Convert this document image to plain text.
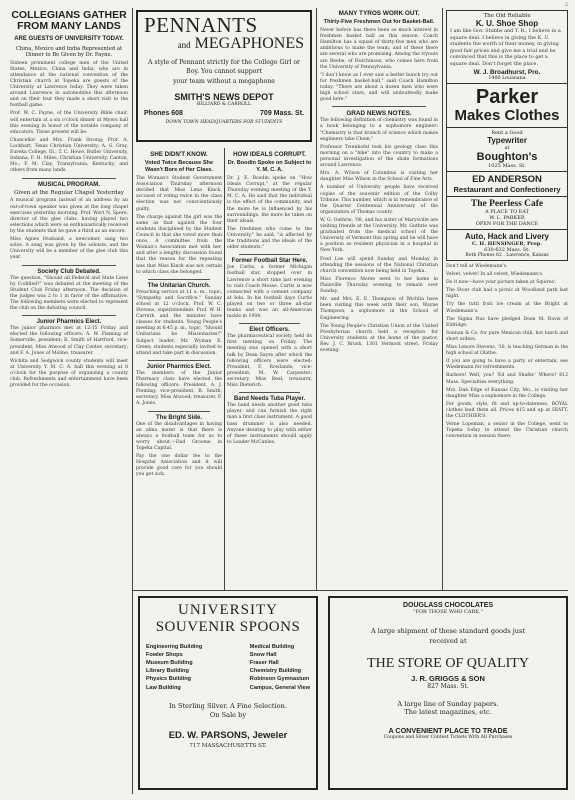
COLLEGIANS GATHER FROM MANY LANDS
ARE GUESTS OF UNIVERSITY TODAY.
China, Mexico and India Represented at Dinner to Be Given by Dr. Payne.

Sixteen prominent college men of the United States, Mexico, China and India, who are in attendance at the national convention of the Christian church at Topeka are guests of the University at Lawrence today. They were taken around Lawrence in automobiles this afternoon and on their tour they made a short visit to the football game.

Prof. W. C. Payne, of the University Bible chair, will entertain at a six o'clock dinner at Myers hall this evening in honor of the notable company of educators. Those present will be:

Chancellor and Mrs. Frank Strong; Prof. A. Lockhart, Texas Christian University; A. G. Gray, Eureka College, Ill.; T. C. Howe, Butler University, Indiana; F. H. Miles, Christian University, Canton, Mo.; F. M. Clay, Transylvania, Kentucky; and others from many lands.

MUSICAL PROGRAM.
Given at the Regular Chapel Yesterday

A musical program instead of an address by an out-of-town speaker was given at the long chapel exercises yesterday morning. Prof. Wort N. Spore, director of the glee clubs, having played two selections which were so enthusiastically received by the students that he gave a third as an encore.

Miss Agnes Husband, a newcomer, sang two solos. A song was given by the soloists, and the University will be a member of the glee club this year.

Society Club Debated.

The question, "Should all Federal and State Laws by Codified?" was debated at the meeting of the Student Club Friday afternoon. The decision of the judges was 2 to 1 in favor of the affirmative. The following members were elected to represent the club on the debating council.

Junior Pharmics Elect.

The junior pharmics met at 12:15 Friday and elected the following officers: A. W. Fleming of Somerville, president; R. Smith of Hartford, vice-president; Miss Atwood of Clay Center, secretary; and F. A. Jones of Moline, treasurer.

Wichita and Sedgwick county students will meet at University Y. M. C. A. hall this evening at 8 o'clock for the purpose of organizing a county club. Refreshments and entertainment have been provided for the occasion.

PENNANTS
and MEGAPHONES
A style of Pennant strictly for the College Girl or Boy. You cannot support
your team without a megaphone
SMITH'S NEWS DEPOT
BILLIARD & CARROLL
Phones 608	709 Mass. St.
DOWN TOWN HEADQUARTERS FOR STUDENTS
SHE DIDN'T KNOW.
Voted Twice Because She Wasn't Bore of Her Class.

The Woman's Student Government Association Thursday afternoon decided that Miss Lena Kinck, accused of voting twice in the class election was not conscientiously guilty.

The charge against the girl was the same as that against the four students disciplined by the Student Council in that she voted more than once. A committee from the Woman's Association met with her, and after a lengthy discussion found that the reason for the repeating was that Miss Kinck was not certain to which class she belonged.

The Unitarian Church.

Preaching service at 11 a. m., topic, "Sympathy and Sacrifice." Sunday school at 12 o'clock. Prof. W. C. Stevens, superintendent. Prof. W. H. Carruth and the minister have classes for students. Young People's meeting at 6:45 p. m., topic, "Should Unitarians be Missionaries?" Subject leader, Mr. Wyman E. Green; students especially invited to attend and take part in discussion.

Junior Pharmics Elect.

The members of the Junior Pharmacy class have elected the following officers: President, A. J. Fleming; vice-president, R. Smith; secretary, Miss Atwood; treasurer, F. A. Jones.

The Bright Side.

One of the disadvantages in having an alma mater is that there is always a football team for us to worry about.—Dad Groome in Topeka Capital.

Pay the one dollar fee to the Hospital Association and it will provide good care for you should you get sick.

HOW IDEALS CORRUPT.
Dr. Boodin Spoke on Subject to Y. M. C. A.

Dr. J. E. Boodin spoke on "How Ideals Corrupt," at the regular Thursday evening meeting of the Y. M. C. A. He said that the individual is the effect of the community, and the more he is influenced by his surroundings, the more he takes on their ideals.

The freshmen who come to the University," he said, "is affected by the traditions and the ideals of the older students."

Former Football Star Here.

Joe Curtis, a former Michigan football star, stopped over in Lawrence a short time last evening to visit Coach Mosse. Curtis is now connected with a cement company at Iola. In his football days Curtis played on two or three all-star teams and was an all-American tackle in 1904.

Elect Officers.

The pharmaceutical society held its first meeting on Friday. The meeting was opened with a short talk by Dean Sayre after which the following officers were elected: President, F. Rowlands; vice-president, M. W. Carpenter; secretary, Miss Beal; treasurer, Miss Dieterich.

Band Needs Tuba Player.

The band needs another good tuba player, and can furnish the right man a first class instrument. A good bass drummer is also needed. Anyone desiring to play with either of these instruments should apply to Leader McCanles.

MANY TYROS WORK OUT.
Thirty-Five Freshmen Out for Basket-Ball.

Never before has there been so much interest in freshmen basket ball as this season. Coach Hamilton has a squad of thirty-five men who are ambitious to make the team, and of these there are several who are promising. Among the tryouts are Beebe, of Hutchinson, who comes here from the University of Pennsylvania.

"I don't know as I ever saw a better bunch try out for freshmen basket-ball," said Coach Hamilton today. "There are about a dozen men who were high school stars, and will undoubtedly make good here."

GRAD NEWS NOTES.

The following definition of chemistry was found in a book belonging to a sophomore engineer: "Chemistry is that branch of science which makes engineers take Chem."

Professor Twenhofel took his geology class this morning on a "hike" into the country to make a personal investigation of the shale formations around Lawrence.

Mrs. A. Wilson of Columbus is visiting her daughter Miss Wilson in the School of Fine Arts.

A number of University people have received copies of the souvenir edition of the Colby Tribune. This number, which is in remembrance of the Quarter Centennial Anniversary of the organization of Thomas county.

W. G. Guthrie, '08, and his sister of Marysville are visiting friends at the University. Mr. Guthrie was graduated from the medical school of the University of Vermont this spring and he will have a position as resident physician in a hospital in New York.

Fred Lee will spend Sunday and Monday in attending the sessions of the National Christian church convention now being held in Topeka.

Miss Florence Morse went to her home in Plainville Thursday evening to remain over Sunday.

Mr. and Mrs. E. E. Thompson of Wichita have been visiting this week with their son, Wayne Thompson, a sophomore in the School of Engineering.

The Young People's Christian Union of the United Presbyterian church held a reception for University students at the home of the pastor, Rev. J. C. Brush, 1301 Vermont street, Friday evening.

The Old Reliable
K. U. Shoe Shop

I am like Gov. Stubbs and T. R., I believe in a square deal. I believe in giving the K. U. students the worth of their money, in giving good fair prices and give me a trial and be convinced that this is the place to get a square deal. Don't forget the place.

W. J. Broadhurst, Pro.
1400 Louisiana
Parker
Makes Clothes
Rent a Good
Typewriter
at
Boughton's
1025 Mass. St.
ED ANDERSON
Restaurant and Confectionery
The Peerless Cafe
A PLACE TO EAT
W. L. PARKER
OPEN FOR THE DANCE
Auto, Hack and Livery
C. H. HENSINGER, Prop.
630-632 Mass. St.
Both Phones 62 . Lawrence, Kansas

Don't tell at Wiedemann's.

Velvet, velvet! In all velvet, Wiedemann's.

Do it now—have your picture taken at Squires'.

The Stout club had a picnic at Woodland park last night.

Try the tutti fruti ice cream at the Bright at Wiedemann's.

The Sigma Nus have pledged Dean M. Davis of Eldridge.

Sonnan & Co. for pure Mexican chili, hot lunch and short orders.

Miss Lenore Stevens, '10, is teaching German in the high school at Olathe.

If you are going to have a party or entertain, see Wiedemann for refreshments.

Barbers! Well, you? 'Ed and Shafer.' Where? 812 Mass. Specialties everything.

Mrs. Dan Edge of Kansas City, Mo., is visiting her daughter Miss a sophomore in the College.

For goods, style, fit and up-to-dateness, ROYAL clothes lead them all. Prices $15 and up at HIATT, the CLOTHIER'S.

Verne Lopeman, a senior in the College, went to Topeka today to attend the Christian church convention in session there.

UNIVERSITY
SOUVENIR SPOONS
Engineering Building
Fowler Shops
Museum Building
Library Building
Physics Building
Law Building
Medical Building
Snow Hall
Fraser Hall
Chemistry Building
Robinson Gymnasium
Campus, General View
In Sterling Silver. A Fine Selection. On Sale by
ED. W. PARSONS, Jeweler
717 MASSACHUSETTS ST.
DOUGLASS CHOCOLATES
"FOR THOSE WHO CARE."
A large shipment of these standard goods just received at
THE STORE OF QUALITY
J. R. GRIGGS & SON
827 Mass. St.
A large line of Sunday papers.
The latest magazines, etc.
A CONVENIENT PLACE TO TRADE
Coupons and Silver Contest Tickets With All Purchases
2
